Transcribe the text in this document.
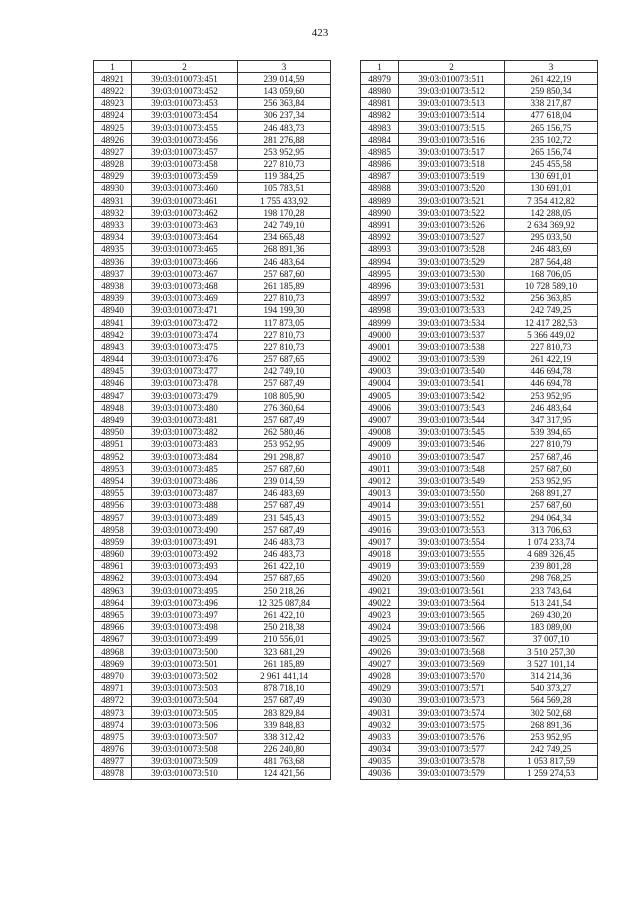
423
1	2	3
48921	39:03:010073:451	239 014,59
48922	39:03:010073:452	143 059,60
48923	39:03:010073:453	256 363,84
48924	39:03:010073:454	306 237,34
48925	39:03:010073:455	246 483,73
48926	39:03:010073:456	281 276,88
48927	39:03:010073:457	253 952,95
48928	39:03:010073:458	227 810,73
48929	39:03:010073:459	119 384,25
48930	39:03:010073:460	105 783,51
48931	39:03:010073:461	1 755 433,92
48932	39:03:010073:462	198 170,28
48933	39:03:010073:463	242 749,10
48934	39:03:010073:464	234 665,48
48935	39:03:010073:465	268 891,36
48936	39:03:010073:466	246 483,64
48937	39:03:010073:467	257 687,60
48938	39:03:010073:468	261 185,89
48939	39:03:010073:469	227 810,73
48940	39:03:010073:471	194 199,30
48941	39:03:010073:472	117 873,05
48942	39:03:010073:474	227 810,73
48943	39:03:010073:475	227 810,73
48944	39:03:010073:476	257 687,65
48945	39:03:010073:477	242 749,10
48946	39:03:010073:478	257 687,49
48947	39:03:010073:479	108 805,90
48948	39:03:010073:480	276 360,64
48949	39:03:010073:481	257 687,49
48950	39:03:010073:482	262 580,46
48951	39:03:010073:483	253 952,95
48952	39:03:010073:484	291 298,87
48953	39:03:010073:485	257 687,60
48954	39:03:010073:486	239 014,59
48955	39:03:010073:487	246 483,69
48956	39:03:010073:488	257 687,49
48957	39:03:010073:489	231 545,43
48958	39:03:010073:490	257 687,49
48959	39:03:010073:491	246 483,73
48960	39:03:010073:492	246 483,73
48961	39:03:010073:493	261 422,10
48962	39:03:010073:494	257 687,65
48963	39:03:010073:495	250 218,26
48964	39:03:010073:496	12 325 087,84
48965	39:03:010073:497	261 422,10
48966	39:03:010073:498	250 218,38
48967	39:03:010073:499	210 556,01
48968	39:03:010073:500	323 681,29
48969	39:03:010073:501	261 185,89
48970	39:03:010073:502	2 961 441,14
48971	39:03:010073:503	878 718,10
48972	39:03:010073:504	257 687,49
48973	39:03:010073:505	283 829,84
48974	39:03:010073:506	339 848,83
48975	39:03:010073:507	338 312,42
48976	39:03:010073:508	226 240,80
48977	39:03:010073:509	481 763,68
48978	39:03:010073:510	124 421,56
1	2	3
48979	39:03:010073:511	261 422,19
48980	39:03:010073:512	259 850,34
48981	39:03:010073:513	338 217,87
48982	39:03:010073:514	477 618,04
48983	39:03:010073:515	265 156,75
48984	39:03:010073:516	235 102,72
48985	39:03:010073:517	265 156,74
48986	39:03:010073:518	245 455,58
48987	39:03:010073:519	130 691,01
48988	39:03:010073:520	130 691,01
48989	39:03:010073:521	7 354 412,82
48990	39:03:010073:522	142 288,05
48991	39:03:010073:526	2 634 369,92
48992	39:03:010073:527	295 033,50
48993	39:03:010073:528	246 483,69
48994	39:03:010073:529	287 564,48
48995	39:03:010073:530	168 706,05
48996	39:03:010073:531	10 728 589,10
48997	39:03:010073:532	256 363,85
48998	39:03:010073:533	242 749,25
48999	39:03:010073:534	12 417 282,53
49000	39:03:010073:537	5 366 449,02
49001	39:03:010073:538	227 810,73
49002	39:03:010073:539	261 422,19
49003	39:03:010073:540	446 694,78
49004	39:03:010073:541	446 694,78
49005	39:03:010073:542	253 952,95
49006	39:03:010073:543	246 483,64
49007	39:03:010073:544	347 317,95
49008	39:03:010073:545	539 394,65
49009	39:03:010073:546	227 810,79
49010	39:03:010073:547	257 687,46
49011	39:03:010073:548	257 687,60
49012	39:03:010073:549	253 952,95
49013	39:03:010073:550	268 891,27
49014	39:03:010073:551	257 687,60
49015	39:03:010073:552	294 064,34
49016	39:03:010073:553	313 706,63
49017	39:03:010073:554	1 074 233,74
49018	39:03:010073:555	4 689 326,45
49019	39:03:010073:559	239 801,28
49020	39:03:010073:560	298 768,25
49021	39:03:010073:561	233 743,64
49022	39:03:010073:564	513 241,54
49023	39:03:010073:565	269 430,20
49024	39:03:010073:566	183 089,00
49025	39:03:010073:567	37 007,10
49026	39:03:010073:568	3 510 257,30
49027	39:03:010073:569	3 527 101,14
49028	39:03:010073:570	314 214,36
49029	39:03:010073:571	540 373,27
49030	39:03:010073:573	564 569,28
49031	39:03:010073:574	302 502,68
49032	39:03:010073:575	268 891,36
49033	39:03:010073:576	253 952,95
49034	39:03:010073:577	242 749,25
49035	39:03:010073:578	1 053 817,59
49036	39:03:010073:579	1 259 274,53
